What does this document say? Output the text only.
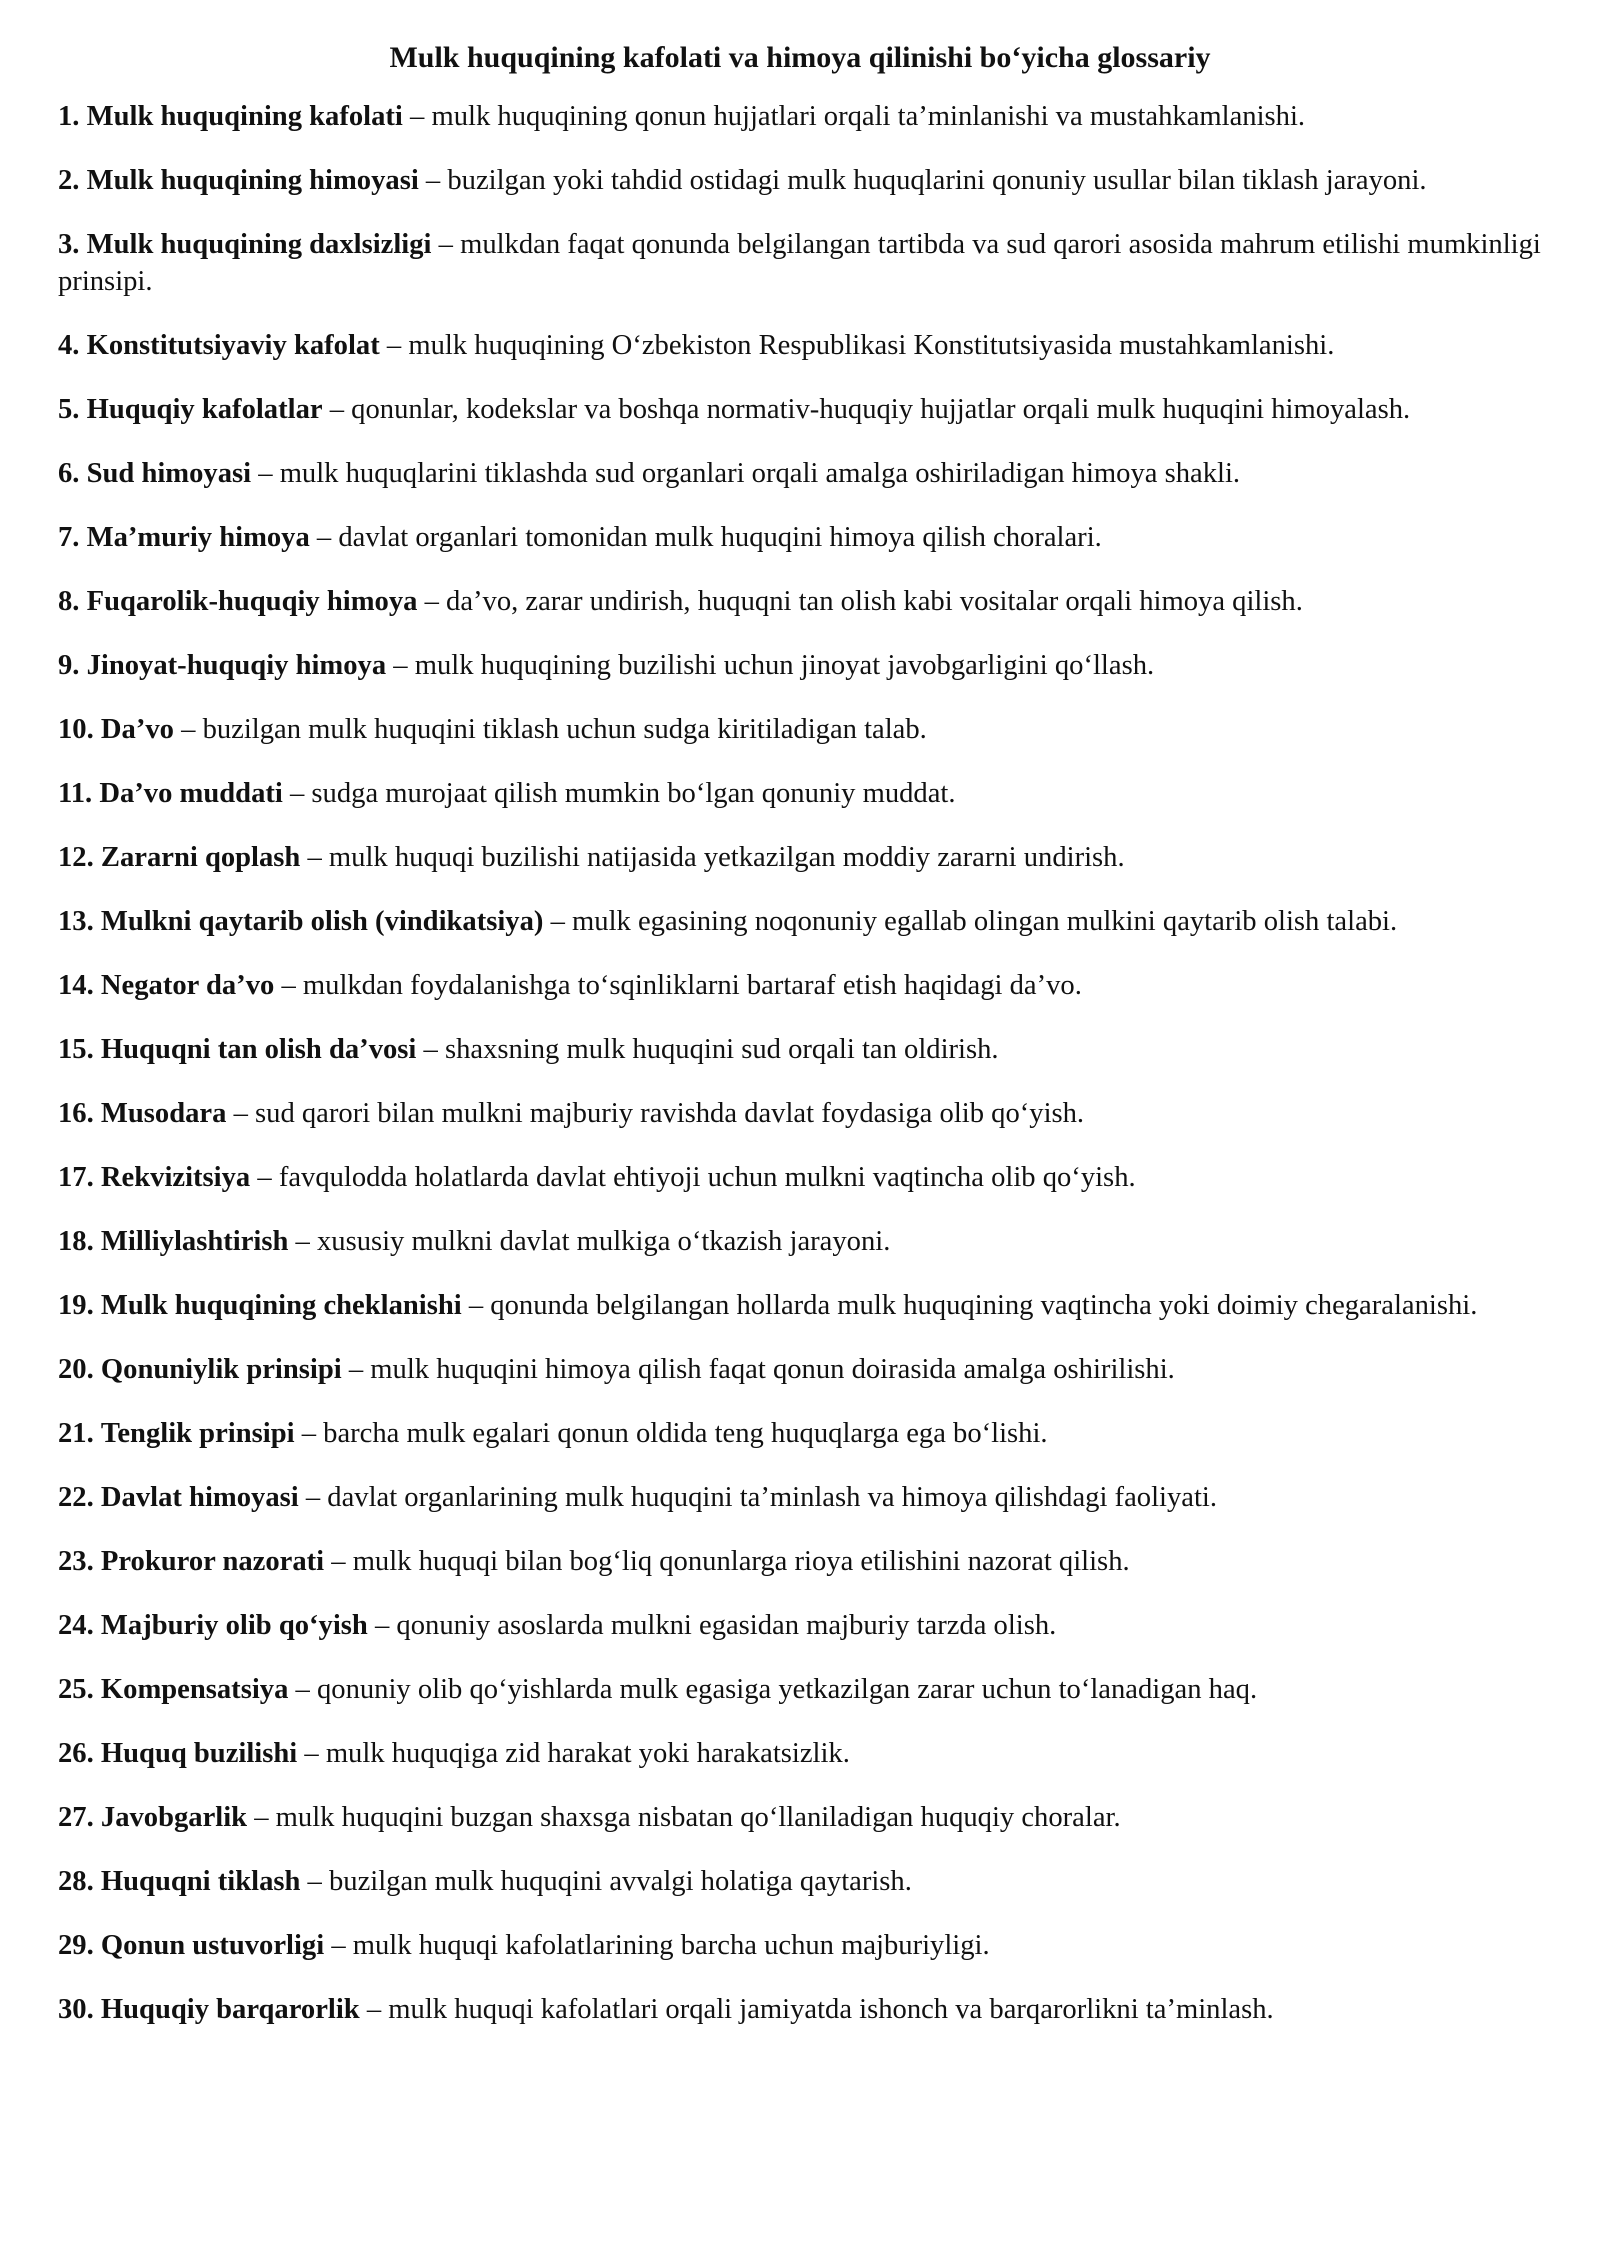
Mulk huquqining kafolati va himoya qilinishi bo‘yicha glossariy
1. Mulk huquqining kafolati – mulk huquqining qonun hujjatlari orqali ta’minlanishi va mustahkamlanishi.
2. Mulk huquqining himoyasi – buzilgan yoki tahdid ostidagi mulk huquqlarini qonuniy usullar bilan tiklash jarayoni.
3. Mulk huquqining daxlsizligi – mulkdan faqat qonunda belgilangan tartibda va sud qarori asosida mahrum etilishi mumkinligi prinsipi.
4. Konstitutsiyaviy kafolat – mulk huquqining O‘zbekiston Respublikasi Konstitutsiyasida mustahkamlanishi.
5. Huquqiy kafolatlar – qonunlar, kodekslar va boshqa normativ-huquqiy hujjatlar orqali mulk huquqini himoyalash.
6. Sud himoyasi – mulk huquqlarini tiklashda sud organlari orqali amalga oshiriladigan himoya shakli.
7. Ma’muriy himoya – davlat organlari tomonidan mulk huquqini himoya qilish choralari.
8. Fuqarolik-huquqiy himoya – da’vo, zarar undirish, huquqni tan olish kabi vositalar orqali himoya qilish.
9. Jinoyat-huquqiy himoya – mulk huquqining buzilishi uchun jinoyat javobgarligini qo‘llash.
10. Da’vo – buzilgan mulk huquqini tiklash uchun sudga kiritiladigan talab.
11. Da’vo muddati – sudga murojaat qilish mumkin bo‘lgan qonuniy muddat.
12. Zararni qoplash – mulk huquqi buzilishi natijasida yetkazilgan moddiy zararni undirish.
13. Mulkni qaytarib olish (vindikatsiya) – mulk egasining noqonuniy egallab olingan mulkini qaytarib olish talabi.
14. Negator da’vo – mulkdan foydalanishga to‘sqinliklarni bartaraf etish haqidagi da’vo.
15. Huquqni tan olish da’vosi – shaxsning mulk huquqini sud orqali tan oldirish.
16. Musodara – sud qarori bilan mulkni majburiy ravishda davlat foydasiga olib qo‘yish.
17. Rekvizitsiya – favqulodda holatlarda davlat ehtiyoji uchun mulkni vaqtincha olib qo‘yish.
18. Milliylashtirish – xususiy mulkni davlat mulkiga o‘tkazish jarayoni.
19. Mulk huquqining cheklanishi – qonunda belgilangan hollarda mulk huquqining vaqtincha yoki doimiy chegaralanishi.
20. Qonuniylik prinsipi – mulk huquqini himoya qilish faqat qonun doirasida amalga oshirilishi.
21. Tenglik prinsipi – barcha mulk egalari qonun oldida teng huquqlarga ega bo‘lishi.
22. Davlat himoyasi – davlat organlarining mulk huquqini ta’minlash va himoya qilishdagi faoliyati.
23. Prokuror nazorati – mulk huquqi bilan bog‘liq qonunlarga rioya etilishini nazorat qilish.
24. Majburiy olib qo‘yish – qonuniy asoslarda mulkni egasidan majburiy tarzda olish.
25. Kompensatsiya – qonuniy olib qo‘yishlarda mulk egasiga yetkazilgan zarar uchun to‘lanadigan haq.
26. Huquq buzilishi – mulk huquqiga zid harakat yoki harakatsizlik.
27. Javobgarlik – mulk huquqini buzgan shaxsga nisbatan qo‘llaniladigan huquqiy choralar.
28. Huquqni tiklash – buzilgan mulk huquqini avvalgi holatiga qaytarish.
29. Qonun ustuvorligi – mulk huquqi kafolatlarining barcha uchun majburiyligi.
30. Huquqiy barqarorlik – mulk huquqi kafolatlari orqali jamiyatda ishonch va barqarorlikni ta’minlash.
